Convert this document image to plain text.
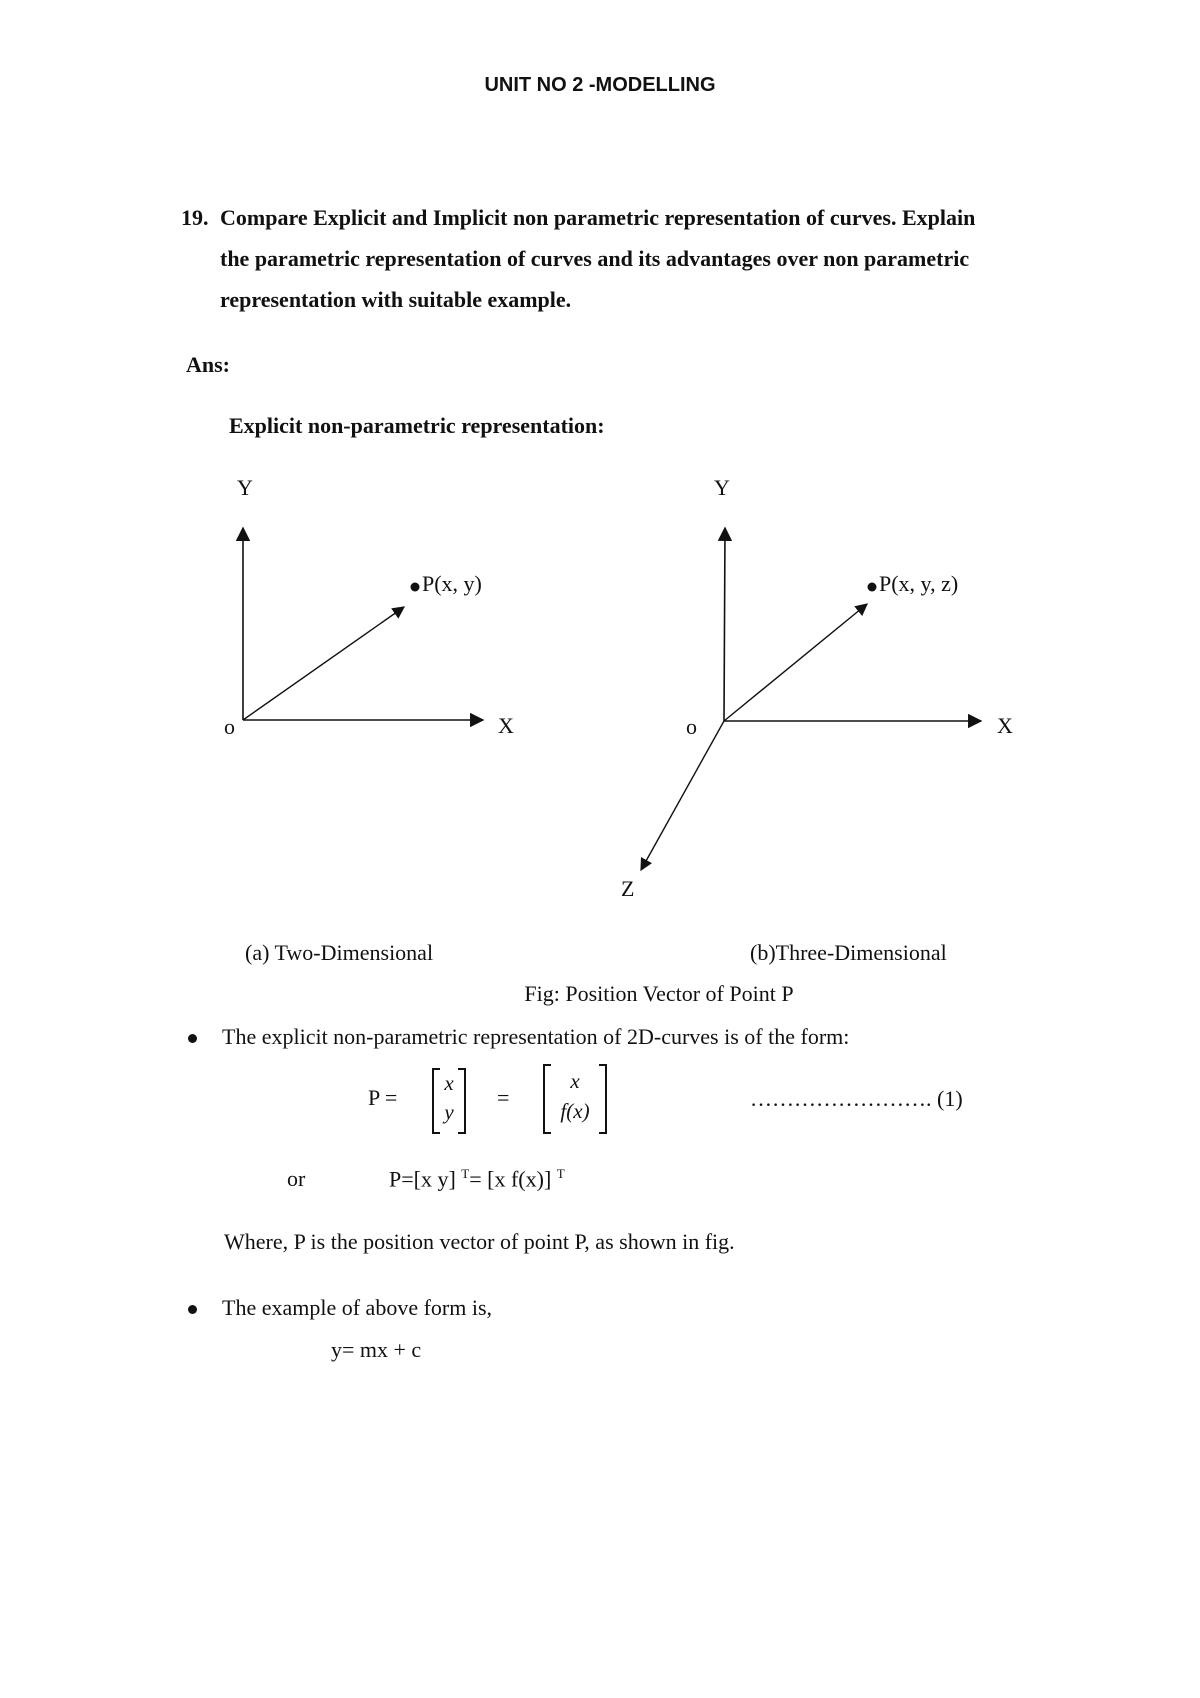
UNIT NO 2 -MODELLING
19. Compare Explicit and Implicit non parametric representation of curves. Explain
the parametric representation of curves and its advantages over non parametric
representation with suitable example.
Ans:
Explicit non-parametric representation:
Y
X
o
P(x, y)
Y
X
o
P(x, y, z)
Z
(a) Two-Dimensional	(b)Three-Dimensional
Fig: Position Vector of Point P
The explicit non-parametric representation of 2D-curves is of the form:
P =
x
y
=
x
f(x)	……………………. (1)
or	P=[x y] $^T$= [x f(x)] $^T$
Where, P is the position vector of point P, as shown in fig.
The example of above form is,
y= mx + c
